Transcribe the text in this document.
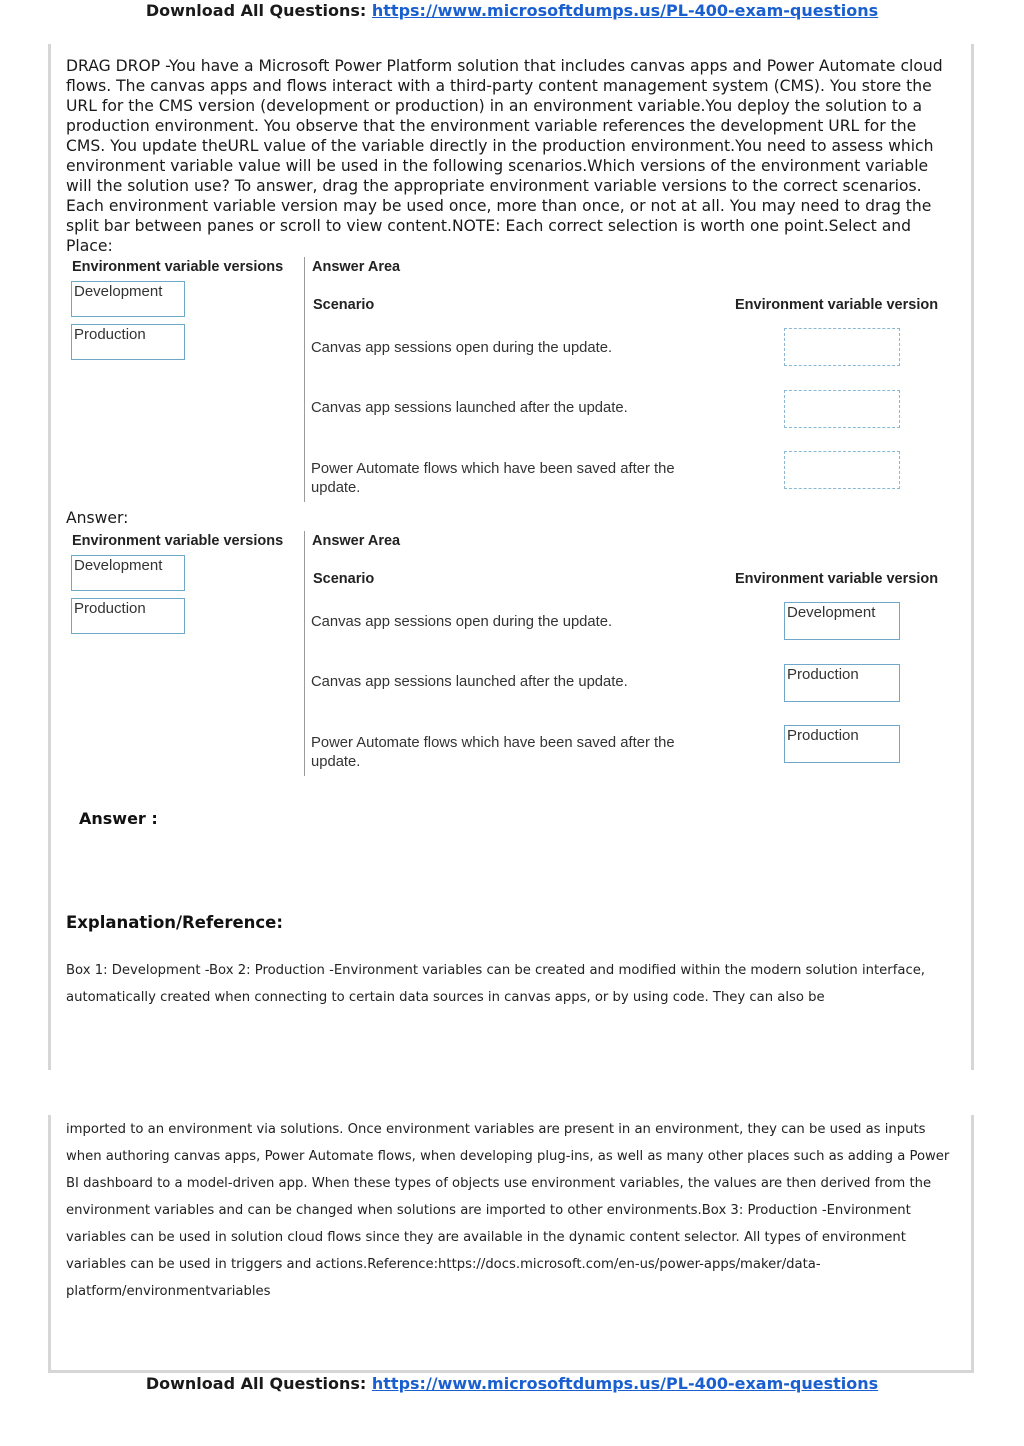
Download All Questions: https://www.microsoftdumps.us/PL-400-exam-questions

DRAG DROP -You have a Microsoft Power Platform solution that includes canvas apps and Power Automate cloud flows. The canvas apps and flows interact with a third-party content management system (CMS). You store the URL for the CMS version (development or production) in an environment variable.You deploy the solution to a production environment. You observe that the environment variable references the development URL for the CMS. You update theURL value of the variable directly in the production environment.You need to assess which environment variable value will be used in the following scenarios.Which versions of the environment variable will the solution use? To answer, drag the appropriate environment variable versions to the correct scenarios. Each environment variable version may be used once, more than once, or not at all. You may need to drag the split bar between panes or scroll to view content.NOTE: Each correct selection is worth one point.Select and Place:

Environment variable versions Answer Area
Development
Production
Scenario	Environment variable version
Canvas app sessions open during the update.
Canvas app sessions launched after the update.
Power Automate flows which have been saved after the update.
Answer:
Environment variable versions Answer Area
Development
Production
Scenario	Environment variable version
Canvas app sessions open during the update.
Canvas app sessions launched after the update.
Power Automate flows which have been saved after the update.
Development
Production
Production
Answer :
Explanation/Reference:

Box 1: Development -Box 2: Production -Environment variables can be created and modified within the modern solution interface, automatically created when connecting to certain data sources in canvas apps, or by using code. They can also be

imported to an environment via solutions. Once environment variables are present in an environment, they can be used as inputs when authoring canvas apps, Power Automate flows, when developing plug-ins, as well as many other places such as adding a Power BI dashboard to a model-driven app. When these types of objects use environment variables, the values are then derived from the environment variables and can be changed when solutions are imported to other environments.Box 3: Production -Environment variables can be used in solution cloud flows since they are available in the dynamic content selector. All types of environment variables can be used in triggers and actions.Reference:https://docs.microsoft.com/en-us/power-apps/maker/data-platform/environmentvariables

Download All Questions: https://www.microsoftdumps.us/PL-400-exam-questions
